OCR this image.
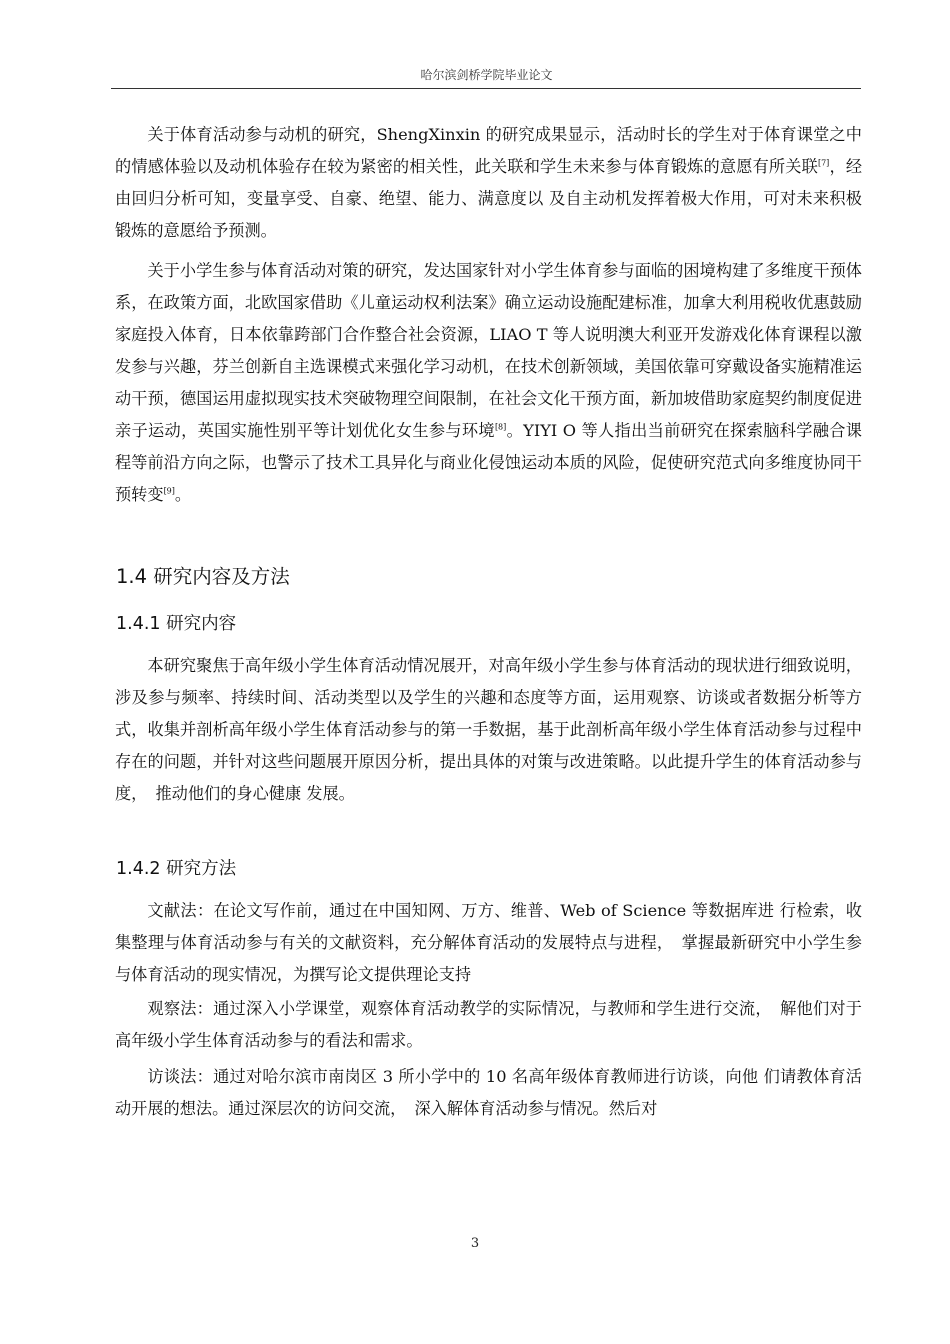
哈尔滨剑桥学院毕业论文

关于体育活动参与动机的研究，ShengXinxin 的研究成果显示，活动时长的学生对于体育课堂之中的情感体验以及动机体验存在较为紧密的相关性，此关联和学生未来参与体育锻炼的意愿有所关联[7]，经由回归分析可知，变量享受、自豪、绝望、能力、满意度以 及自主动机发挥着极大作用，可对未来积极锻炼的意愿给予预测。

关于小学生参与体育活动对策的研究，发达国家针对小学生体育参与面临的困境构建了多维度干预体系，在政策方面，北欧国家借助《儿童运动权利法案》确立运动设施配建标准，加拿大利用税收优惠鼓励家庭投入体育，日本依靠跨部门合作整合社会资源，LIAO T 等人说明澳大利亚开发游戏化体育课程以激发参与兴趣，芬兰创新自主选课模式来强化学习动机，在技术创新领域，美国依靠可穿戴设备实施精准运动干预，德国运用虚拟现实技术突破物理空间限制，在社会文化干预方面，新加坡借助家庭契约制度促进亲子运动，英国实施性别平等计划优化女生参与环境[8]。YIYI O 等人指出当前研究在探索脑科学融合课程等前沿方向之际，也警示了技术工具异化与商业化侵蚀运动本质的风险，促使研究范式向多维度协同干预转变[9]。

1.4 研究内容及方法
1.4.1 研究内容

本研究聚焦于高年级小学生体育活动情况展开，对高年级小学生参与体育活动的现状进行细致说明，涉及参与频率、持续时间、活动类型以及学生的兴趣和态度等方面，运用观察、访谈或者数据分析等方式，收集并剖析高年级小学生体育活动参与的第一手数据，基于此剖析高年级小学生体育活动参与过程中存在的问题，并针对这些问题展开原因分析，提出具体的对策与改进策略。以此提升学生的体育活动参与度，　推动他们的身心健康 发展。

1.4.2 研究方法

文献法：在论文写作前，通过在中国知网、万方、维普、Web of Science 等数据库进 行检索，收集整理与体育活动参与有关的文献资料，充分解体育活动的发展特点与进程，　掌握最新研究中小学生参与体育活动的现实情况，为撰写论文提供理论支持

观察法：通过深入小学课堂，观察体育活动教学的实际情况，与教师和学生进行交流，　解他们对于高年级小学生体育活动参与的看法和需求。

访谈法：通过对哈尔滨市南岗区 3 所小学中的 10 名高年级体育教师进行访谈，向他 们请教体育活动开展的想法。通过深层次的访问交流，　深入解体育活动参与情况。然后对

3
